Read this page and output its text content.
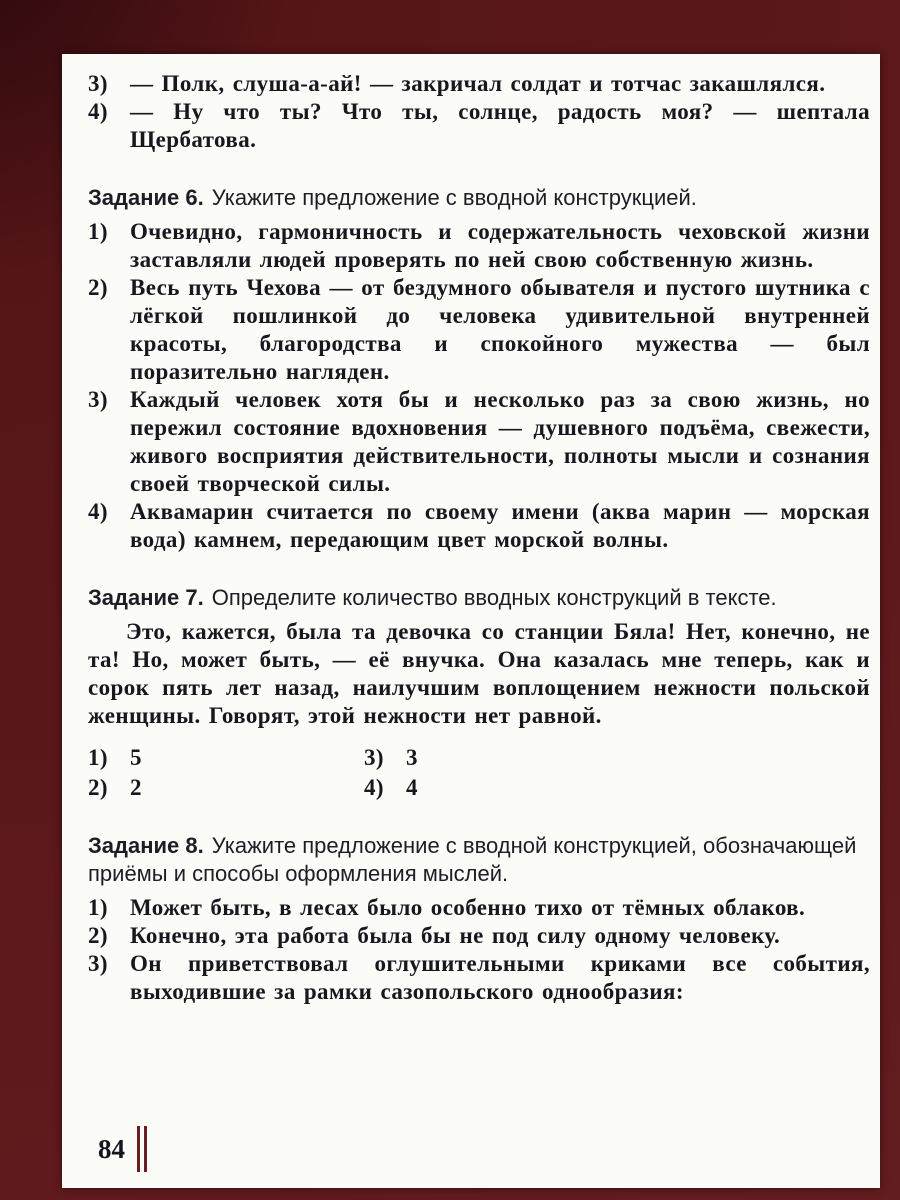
3) — Полк, слуша-а-ай! — закричал солдат и тотчас закашлялся.
4) — Ну что ты? Что ты, солнце, радость моя? — шептала Щербатова.
Задание 6. Укажите предложение с вводной конструкцией.
1) Очевидно, гармоничность и содержательность чеховской жизни заставляли людей проверять по ней свою собственную жизнь.
2) Весь путь Чехова — от бездумного обывателя и пустого шутника с лёгкой пошлинкой до человека удивительной внутренней красоты, благородства и спокойного мужества — был поразительно нагляден.
3) Каждый человек хотя бы и несколько раз за свою жизнь, но пережил состояние вдохновения — душевного подъёма, свежести, живого восприятия действительности, полноты мысли и сознания своей творческой силы.
4) Аквамарин считается по своему имени (аква марин — морская вода) камнем, передающим цвет морской волны.
Задание 7. Определите количество вводных конструкций в тексте.
Это, кажется, была та девочка со станции Бяла! Нет, конечно, не та! Но, может быть, — её внучка. Она казалась мне теперь, как и сорок пять лет назад, наилучшим воплощением нежности польской женщины. Говорят, этой нежности нет равной.
1) 5	3) 3
2) 2	4) 4
Задание 8. Укажите предложение с вводной конструкцией, обозначающей приёмы и способы оформления мыслей.
1) Может быть, в лесах было особенно тихо от тёмных облаков.
2) Конечно, эта работа была бы не под силу одному человеку.
3) Он приветствовал оглушительными криками все события, выходившие за рамки сазопольского однообразия:
84
